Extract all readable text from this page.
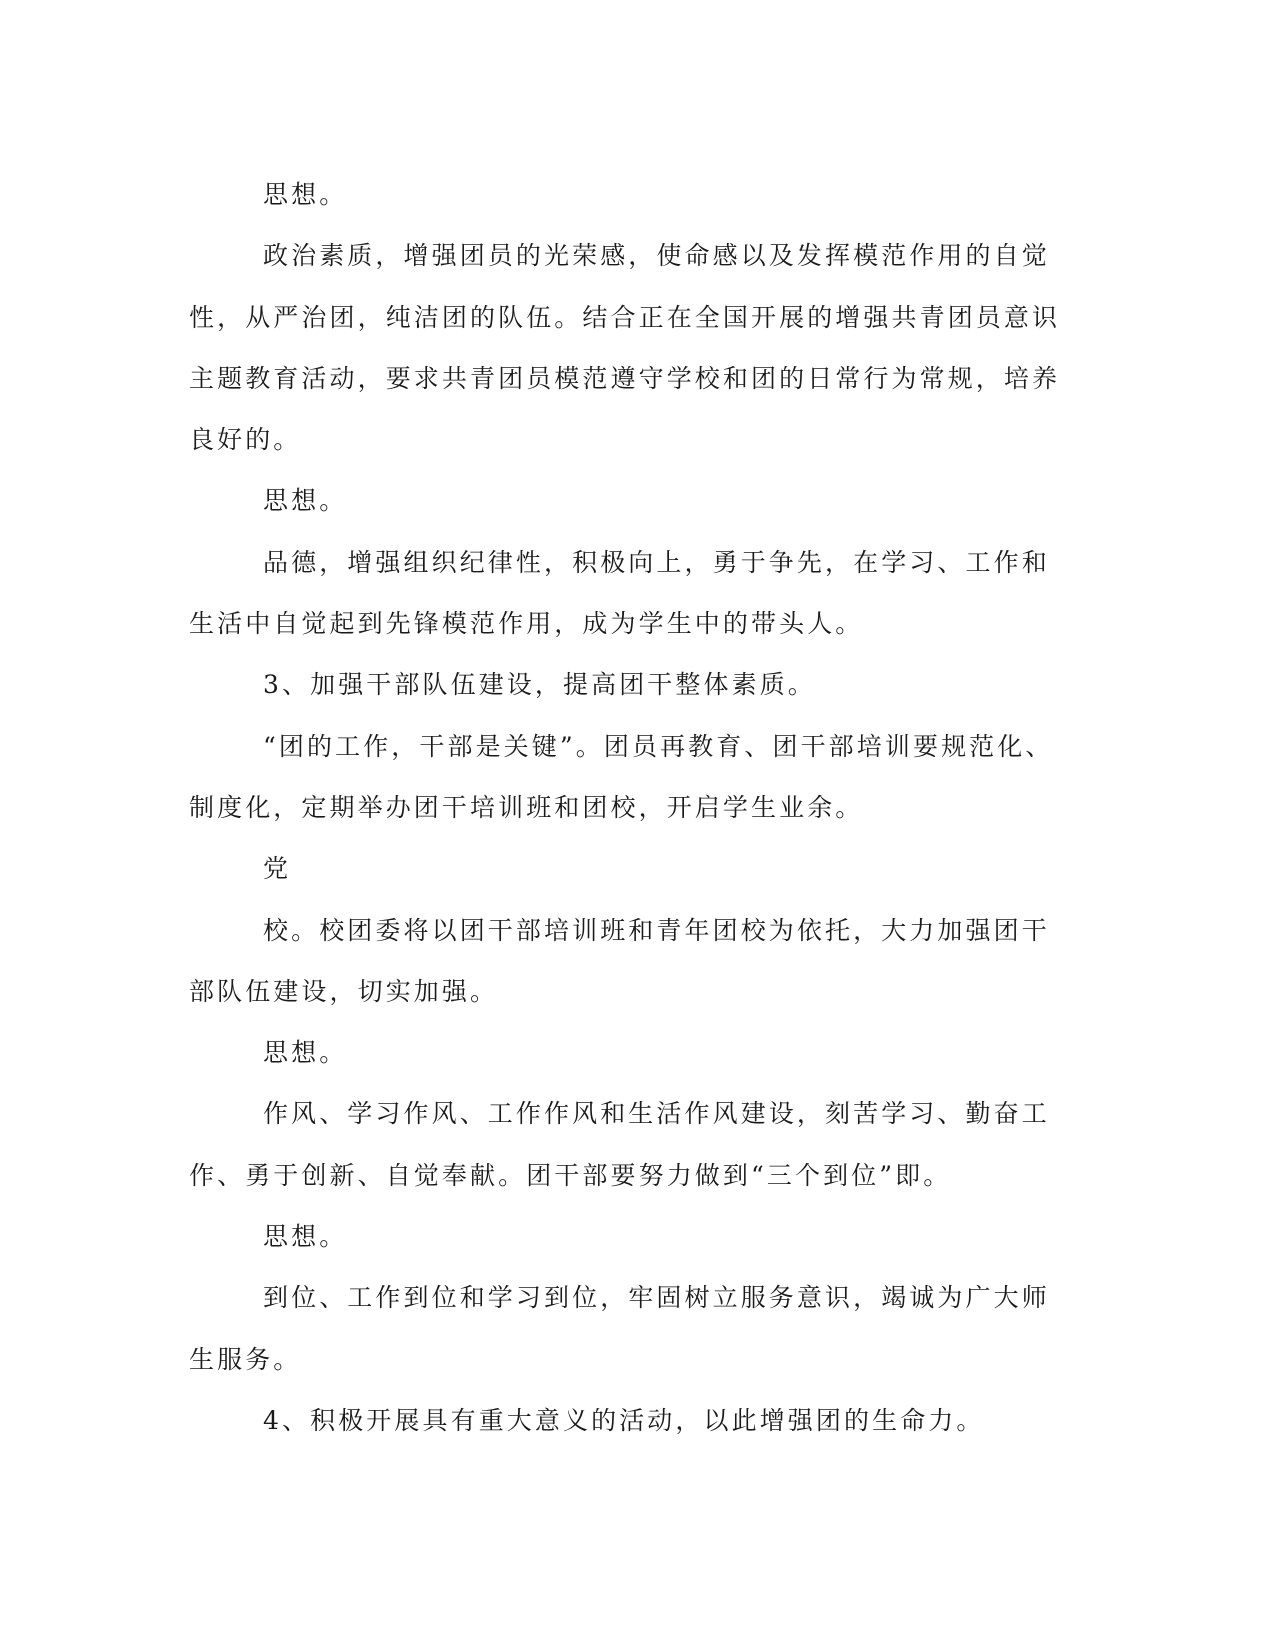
思想。

政治素质，增强团员的光荣感，使命感以及发挥模范作用的自觉性，从严治团，纯洁团的队伍。结合正在全国开展的增强共青团员意识主题教育活动，要求共青团员模范遵守学校和团的日常行为常规，培养良好的。

思想。

品德，增强组织纪律性，积极向上，勇于争先，在学习、工作和生活中自觉起到先锋模范作用，成为学生中的带头人。

3、加强干部队伍建设，提高团干整体素质。

“团的工作，干部是关键”。团员再教育、团干部培训要规范化、制度化，定期举办团干培训班和团校，开启学生业余。

党

校。校团委将以团干部培训班和青年团校为依托，大力加强团干部队伍建设，切实加强。

思想。

作风、学习作风、工作作风和生活作风建设，刻苦学习、勤奋工作、勇于创新、自觉奉献。团干部要努力做到“三个到位”即。

思想。

到位、工作到位和学习到位，牢固树立服务意识，竭诚为广大师生服务。

4、积极开展具有重大意义的活动，以此增强团的生命力。
